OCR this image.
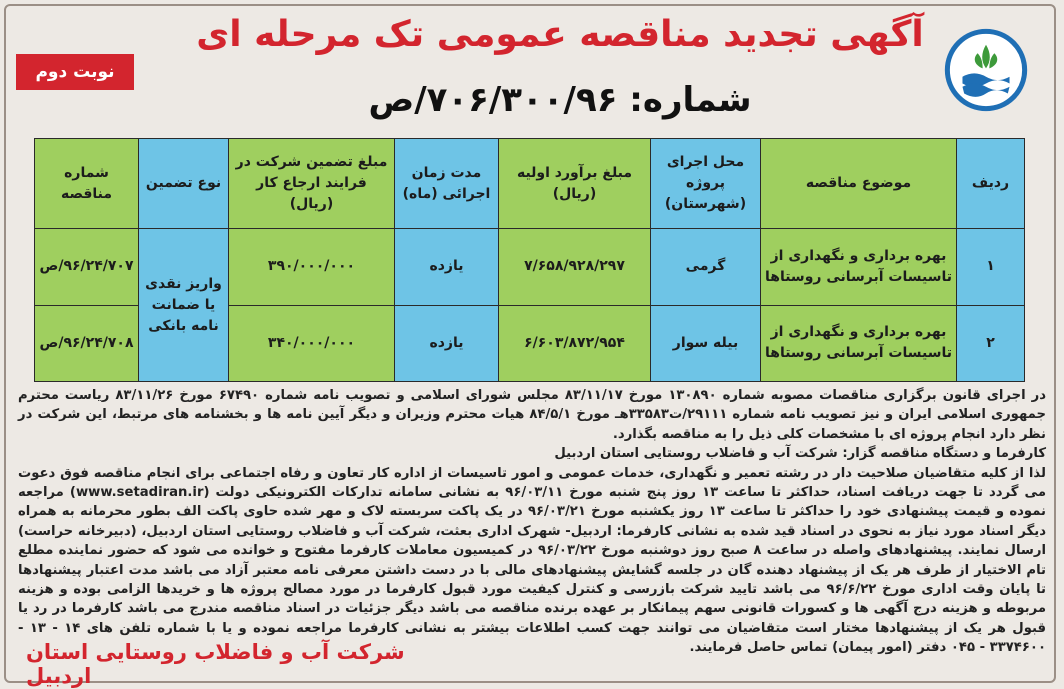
آگهی تجدید مناقصه عمومی تک مرحله ای
شماره: ۷۰۶/۳۰۰/۹۶/ص
نوبت دوم
ردیف	موضوع مناقصه	محل اجرای پروژه (شهرستان)	مبلغ برآورد اولیه (ریال)	مدت زمان اجرائی (ماه)	مبلغ تضمین شرکت در فرایند ارجاع کار (ریال)	نوع تضمین	شماره مناقصه
۱	بهره برداری و نگهداری از تاسیسات آبرسانی روستاها	گرمی	۷/۶۵۸/۹۲۸/۲۹۷	یازده	۳۹۰/۰۰۰/۰۰۰	واریز نقدی یا ضمانت نامه بانکی	۹۶/۲۴/۷۰۷/ص
۲	بهره برداری و نگهداری از تاسیسات آبرسانی روستاها	بیله سوار	۶/۶۰۳/۸۷۲/۹۵۴	یازده	۳۴۰/۰۰۰/۰۰۰		۹۶/۲۴/۷۰۸/ص

در اجرای قانون برگزاری مناقصات مصوبه شماره ۱۳۰۸۹۰ مورخ ۸۳/۱۱/۱۷ مجلس شورای اسلامی و تصویب نامه شماره ۶۷۴۹۰ مورخ ۸۳/۱۱/۲۶ ریاست محترم جمهوری اسلامی ایران و نیز تصویب نامه شماره ۲۹۱۱۱/ت۳۳۵۸۳هـ مورخ ۸۴/۵/۱ هیات محترم وزیران و دیگر آیین نامه ها و بخشنامه های مرتبط، این شرکت در نظر دارد انجام پروژه ای با مشخصات کلی ذیل را به مناقصه بگذارد.

کارفرما و دستگاه مناقصه گزار: شرکت آب و فاضلاب روستایی استان اردبیل

لذا از کلیه متقاضیان صلاحیت دار در رشته تعمیر و نگهداری، خدمات عمومی و امور تاسیسات از اداره کار تعاون و رفاه اجتماعی برای انجام مناقصه فوق دعوت می گردد تا جهت دریافت اسناد، حداکثر تا ساعت ۱۳ روز پنج شنبه مورخ ۹۶/۰۳/۱۱ به نشانی سامانه تدارکات الکترونیکی دولت (www.setadiran.ir) مراجعه نموده و قیمت پیشنهادی خود را حداکثر تا ساعت ۱۳ روز یکشنبه مورخ ۹۶/۰۳/۲۱ در یک پاکت سربسته لاک و مهر شده حاوی پاکت الف بطور محرمانه به همراه دیگر اسناد مورد نیاز به نحوی در اسناد قید شده به نشانی کارفرما: اردبیل- شهرک اداری بعثت، شرکت آب و فاضلاب روستایی استان اردبیل، (دبیرخانه حراست) ارسال نمایند. پیشنهادهای واصله در ساعت ۸ صبح روز دوشنبه مورخ ۹۶/۰۳/۲۲ در کمیسیون معاملات کارفرما مفتوح و خوانده می شود که حضور نماینده مطلع تام الاختیار از طرف هر یک از پیشنهاد دهنده گان در جلسه گشایش پیشنهادهای مالی با در دست داشتن معرفی نامه معتبر آزاد می باشد مدت اعتبار پیشنهادها تا پایان وقت اداری مورخ ۹۶/۶/۲۲ می باشد تایید شرکت بازرسی و کنترل کیفیت مورد قبول کارفرما در مورد مصالح پروژه ها و خریدها الزامی بوده و هزینه مربوطه و هزینه درج آگهی ها و کسورات قانونی سهم پیمانکار بر عهده برنده مناقصه می باشد دیگر جزئیات در اسناد مناقصه مندرج می باشد کارفرما در رد یا قبول هر یک از پیشنهادها مختار است متقاضیان می توانند جهت کسب اطلاعات بیشتر به نشانی کارفرما مراجعه نموده و یا با شماره تلفن های ۱۴ - ۱۳ - ۳۳۷۴۶۰۰ - ۰۴۵ دفتر (امور پیمان) تماس حاصل فرمایند.

شرکت آب و فاضلاب روستایی استان اردبیل
